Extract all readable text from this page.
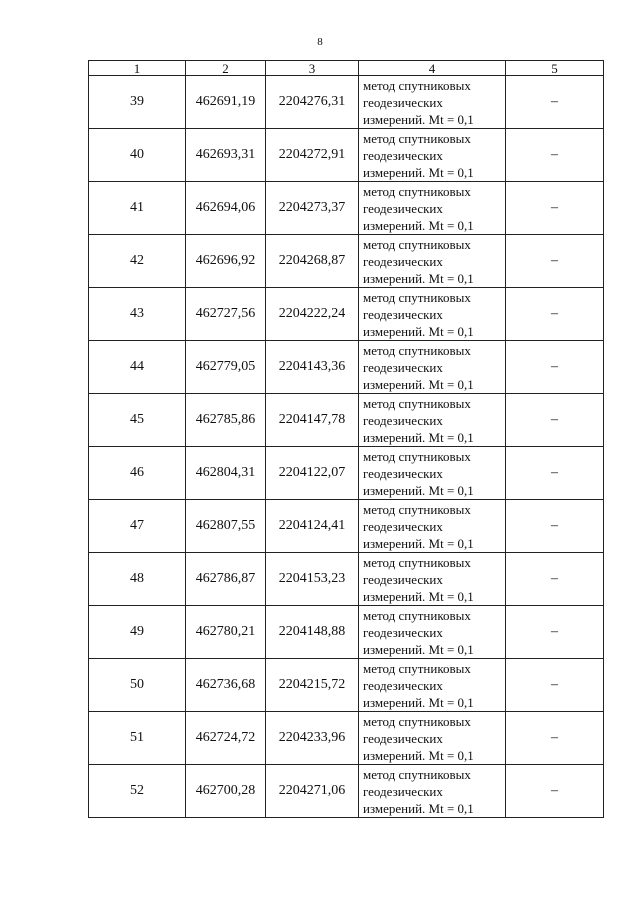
8
1	2	3	4	5
39	462691,19	2204276,31	метод спутниковых
геодезических
измерений. Mt = 0,1	–
40	462693,31	2204272,91	метод спутниковых
геодезических
измерений. Mt = 0,1	–
41	462694,06	2204273,37	метод спутниковых
геодезических
измерений. Mt = 0,1	–
42	462696,92	2204268,87	метод спутниковых
геодезических
измерений. Mt = 0,1	–
43	462727,56	2204222,24	метод спутниковых
геодезических
измерений. Mt = 0,1	–
44	462779,05	2204143,36	метод спутниковых
геодезических
измерений. Mt = 0,1	–
45	462785,86	2204147,78	метод спутниковых
геодезических
измерений. Mt = 0,1	–
46	462804,31	2204122,07	метод спутниковых
геодезических
измерений. Mt = 0,1	–
47	462807,55	2204124,41	метод спутниковых
геодезических
измерений. Mt = 0,1	–
48	462786,87	2204153,23	метод спутниковых
геодезических
измерений. Mt = 0,1	–
49	462780,21	2204148,88	метод спутниковых
геодезических
измерений. Mt = 0,1	–
50	462736,68	2204215,72	метод спутниковых
геодезических
измерений. Mt = 0,1	–
51	462724,72	2204233,96	метод спутниковых
геодезических
измерений. Mt = 0,1	–
52	462700,28	2204271,06	метод спутниковых
геодезических
измерений. Mt = 0,1	–
